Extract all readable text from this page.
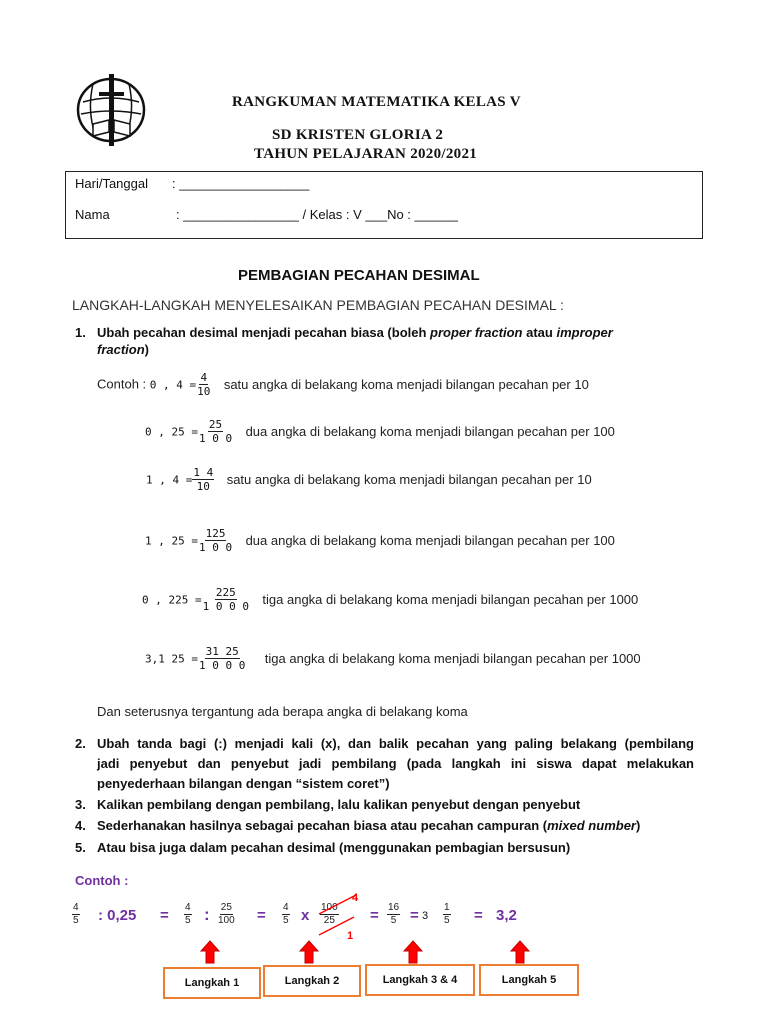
RANGKUMAN MATEMATIKA KELAS V
SD KRISTEN GLORIA 2
TAHUN PELAJARAN 2020/2021
Hari/Tanggal : __________________
Nama	: ________________ / Kelas : V ___No : ______
PEMBAGIAN PECAHAN DESIMAL
LANGKAH-LANGKAH MENYELESAIKAN PEMBAGIAN PECAHAN DESIMAL :
1. Ubah pecahan desimal menjadi pecahan biasa (boleh proper fraction atau improper
fraction)
Contoh : 0 , $4 = \frac{4}{10}$ satu angka di belakang koma menjadi bilangan pecahan per 10
0 , $25 = \frac{25}{1 0 0}$ dua angka di belakang koma menjadi bilangan pecahan per 100
1 , $4 = \frac{1 4}{10}$ satu angka di belakang koma menjadi bilangan pecahan per 10
1 , $25 = \frac{125}{1 0 0}$ dua angka di belakang koma menjadi bilangan pecahan per 100
0 , $225 = \frac{225}{1 0 0 0}$ tiga angka di belakang koma menjadi bilangan pecahan per 1000
3,1 $25 = \frac{31 25}{1 0 0 0}$ tiga angka di belakang koma menjadi bilangan pecahan per 1000
Dan seterusnya tergantung ada berapa angka di belakang koma
2. Ubah tanda bagi (:) menjadi kali (x), dan balik pecahan yang paling belakang (pembilang
jadi penyebut dan penyebut jadi pembilang (pada langkah ini siswa dapat melakukan
penyederhaan bilangan dengan “sistem coret”)
3. Kalikan pembilang dengan pembilang, lalu kalikan penyebut dengan penyebut
4. Sederhanakan hasilnya sebagai pecahan biasa atau pecahan campuran (mixed number)
5. Atau bisa juga dalam pecahan desimal (menggunakan pembagian bersusun)
Contoh :
$\frac{4}{5}$ : $0,25 = \frac{4}{5}$ : $\frac{25}{100} = \frac{4}{5}$ x $\frac{100}{25}$
4
1
= $\frac{16}{5} = 3 \frac{1}{5} = 3,2$
Langkah 1	Langkah 2	Langkah 3 & 4	Langkah 5
